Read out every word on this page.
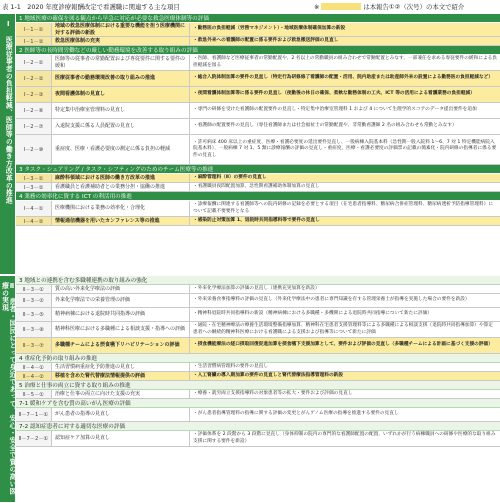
表 1-1　2020 年度診療報酬改定で看護職に関連する主な項目	※	は本報告①②（次号）の本文で紹介
Ⅰ　医療従事者の負担軽減、医師等の働き方改革の推進
1 地域医療の確保を図る観点から早急に対応が必要な救急医療体制等の評価
Ⅰ－1－①
地域の救急医療体制における重要な機能を担う医療機関に対する評価の新設
・勤務医の負担軽減（労務マネジメント）・地域医療体制確保加算の新設
Ⅰ－1－②	救急医療体制の充実	・救急外来への看護師の配置に係る要件および救急搬送評価の見直し
2 医師等の長時間労働などの厳しい勤務環境を改善する取り組みの評価
Ⅰ－2－①
医師等の従事者の常勤配置および専従要件に関する要件の緩和
・医師、看護師など医療従事者の常勤配置や、2 名以上の常勤職員の組み合わせで常勤配置とみなす、一部兼任を求める専従要件の緩和による負担軽減を図る
Ⅰ－2－②	医療従事者の勤務環境改善の取り組みの推進	・総合入院体制加算の要件の見直し（特定行為研修修了看護師の配置・活用、院内助産または助産師外来の設置による勤務医の負担軽減など）
Ⅰ－2－③	夜間看護体制の見直し	・夜間看護体制加算等に係る要件の見直し（夜勤後の休日の確保、柔軟な勤務体制の工夫、ICT 等の活用による看護業務の負担軽減）
Ⅰ－2－⑥	特定集中治療室管理料の見直し	・専門の研修を受けた看護師の配置要件の見直し・特定集中治療室管理料 1 および 4 について生理学的スコアのデータ提出要件を追加
Ⅰ－2－⑦	入退院支援に係る人員配置の見直し	・看護師の配置要件の見直し（専任看護師または社会福祉士の常勤配置や、非常勤看護師 2 名の組み合わせも常勤とみなす）
Ⅰ－2－⑩	重症度、医療・看護必要度の測定に係る負担の軽減
・許可病床 400 床以上の重症度、医療・看護必要度の延出要件見直し、一般病棟入院基本料（急性期一般入院料 1～6、7 対 1 特定機能病院入院基本料）、一般病棟 7 対 1、5 類に診療報酬の評価の見直し・重症度、医療・看護必要度の評価票の記載の簡素化・院内研修の指導者に係る要件の見直し
3 タスク・シェアリング / タスク・シフティングのためのチーム医療等の推進
Ⅰ－3－①	麻酔科領域における医師の働き方改革の推進	・麻酔管理料（Ⅱ）の要件の見直し
Ⅰ－3－②	看護職員と看護補助者との業務分担・協働の推進	・看護職員夜間配置加算、急性期看護補助体制加算の見直し
4 業務の効率化に資する ICT の利活用の推進
Ⅰ－4－①	医療機関における業務の効率化・合理化
・診療報酬に関連する看護師等への院内研修の記録を必要とする項目（在宅患者指導料、糖尿病合併症管理料、糖尿病透析予防指導管理料）について記載不要要件となる
Ⅰ－4－②	情報通信機器を用いたカンファレンス等の推進	・感染防止対策加算 1、退院時共同指導料等で要件の見直し
Ⅱ　患者・国民にとって身近であって、安心・安全で質の高い医療の実現
3 地域との連携を含む多職種連携の取り組みの強化
Ⅱ－3－①	質の高い外来化学療法の評価	・外来化学療法加算の評価の見直し（連携充実加算を新設）
Ⅱ－3－②	外来化学療法での栄養管理の評価	・外来栄養食事指導料の評価の見直し（外来化学療法中の患者に専門知識を有する管理栄養士が指導を実施した場合の要件を新設）
Ⅱ－3－⑤	精神病棟における退院時共同指導の評価	・精神科退院時共同指導料の新設（精神病棟における多職種・多機関による退院時共同指導について新たに評価）
Ⅱ－3－⑧	精神科医療における多職種による相談支援・指導への評価
・通院・在宅精神療法の療養生活環境整備指導加算、精神科在宅患者支援管理料等による多職種による相談支援（退院時共同指導加算）や算定患者への継続的精神科医療における看護職による支援および指導等について新たに評価
Ⅱ－3－⑦	多職種チームによる摂食嚥下リハビリテーションの評価	・摂食機能療法の経口摂取回復促進加算を摂食嚥下支援加算として、要件および評価の見直し（多職種チームによる計画に基づく支援の評価）
4 重症化予防の取り組みの推進
Ⅱ－4－①	生活習慣病重症化予防推進の見直し	・生活習慣病管理料の要件の見直し
Ⅱ－4－②	移植を含めた腎代替療法情報提供の評価	・人工腎臓の導入期加算の要件の見直しと腎代替療法指導管理料の新設
5 治療と仕事の両立に資する取り組みの推進
Ⅱ－5－①	治療と仕事の両立に向けた支援の充実	・療養・就労両立支援指導料の対象患者等の拡大・要件および評価の見直し
7-1 緩和ケアを含む質の高いがん医療の評価
Ⅱ－7－1－①	がん患者の指導の見直し	・がん患者指導管理料の指導に関する評価の変更とがんゲノム医療の指導を推進する要件の見直し
7-2 認知症患者に対する適切な医療の評価
Ⅱ－7－2－①	認知症ケア加算の見直し
・評価体系を 2 段階から 3 段階に見直し（身体抑制の院内の専門的な看護師配置の配置、いずれかが行う病棟職員への研修や医療的な取り組み支援に関する要件を新設）
